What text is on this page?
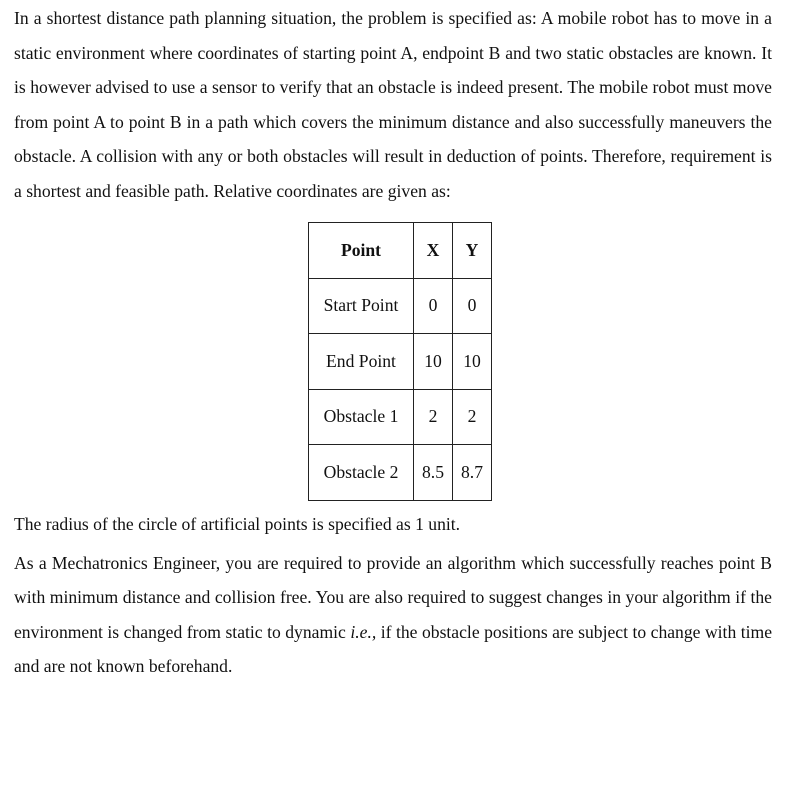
In a shortest distance path planning situation, the problem is specified as: A mobile robot has to move in a static environment where coordinates of starting point A, endpoint B and two static obstacles are known. It is however advised to use a sensor to verify that an obstacle is indeed present. The mobile robot must move from point A to point B in a path which covers the minimum distance and also successfully maneuvers the obstacle. A collision with any or both obstacles will result in deduction of points. Therefore, requirement is a shortest and feasible path. Relative coordinates are given as:

Point	X	Y
Start Point	0	0
End Point	10	10
Obstacle 1	2	2
Obstacle 2	8.5	8.7

The radius of the circle of artificial points is specified as 1 unit.

As a Mechatronics Engineer, you are required to provide an algorithm which successfully reaches point B with minimum distance and collision free. You are also required to suggest changes in your algorithm if the environment is changed from static to dynamic i.e., if the obstacle positions are subject to change with time and are not known beforehand.
